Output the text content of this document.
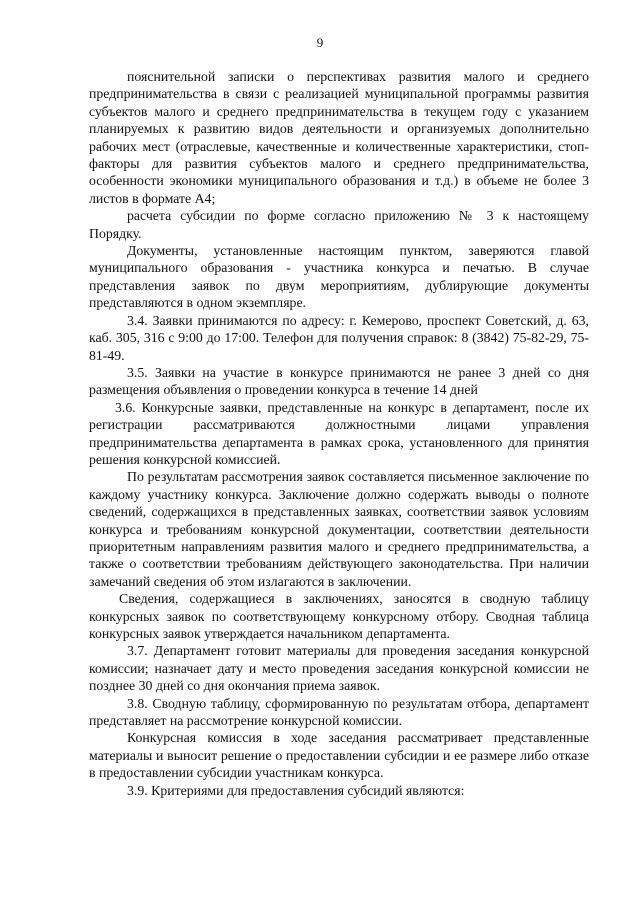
9

пояснительной записки о перспективах развития малого и среднего предпринимательства в связи с реализацией муниципальной программы развития субъектов малого и среднего предпринимательства в текущем году с указанием планируемых к развитию видов деятельности и организуемых дополнительно рабочих мест (отраслевые, качественные и количественные характеристики, стоп-факторы для развития субъектов малого и среднего предпринимательства, особенности экономики муниципального образования и т.д.) в объеме не более 3 листов в формате А4;

расчета субсидии по форме согласно приложению № 3 к настоящему Порядку.

Документы, установленные настоящим пунктом, заверяются главой муниципального образования - участника конкурса и печатью. В случае представления заявок по двум мероприятиям, дублирующие документы представляются в одном экземпляре.

3.4. Заявки принимаются по адресу: г. Кемерово, проспект Советский, д. 63, каб. 305, 316 с 9:00 до 17:00. Телефон для получения справок: 8 (3842) 75-82-29, 75-81-49.

3.5. Заявки на участие в конкурсе принимаются не ранее 3 дней со дня размещения объявления о проведении конкурса в течение 14 дней

3.6. Конкурсные заявки, представленные на конкурс в департамент, после их регистрации рассматриваются должностными лицами управления предпринимательства департамента в рамках срока, установленного для принятия решения конкурсной комиссией.

По результатам рассмотрения заявок составляется письменное заключение по каждому участнику конкурса. Заключение должно содержать выводы о полноте сведений, содержащихся в представленных заявках, соответствии заявок условиям конкурса и требованиям конкурсной документации, соответствии деятельности приоритетным направлениям развития малого и среднего предпринимательства, а также о соответствии требованиям действующего законодательства. При наличии замечаний сведения об этом излагаются в заключении.

Сведения, содержащиеся в заключениях, заносятся в сводную таблицу конкурсных заявок по соответствующему конкурсному отбору. Сводная таблица конкурсных заявок утверждается начальником департамента.

3.7. Департамент готовит материалы для проведения заседания конкурсной комиссии; назначает дату и место проведения заседания конкурсной комиссии не позднее 30 дней со дня окончания приема заявок.

3.8. Сводную таблицу, сформированную по результатам отбора, департамент представляет на рассмотрение конкурсной комиссии.

Конкурсная комиссия в ходе заседания рассматривает представленные материалы и выносит решение о предоставлении субсидии и ее размере либо отказе в предоставлении субсидии участникам конкурса.

3.9. Критериями для предоставления субсидий являются:
